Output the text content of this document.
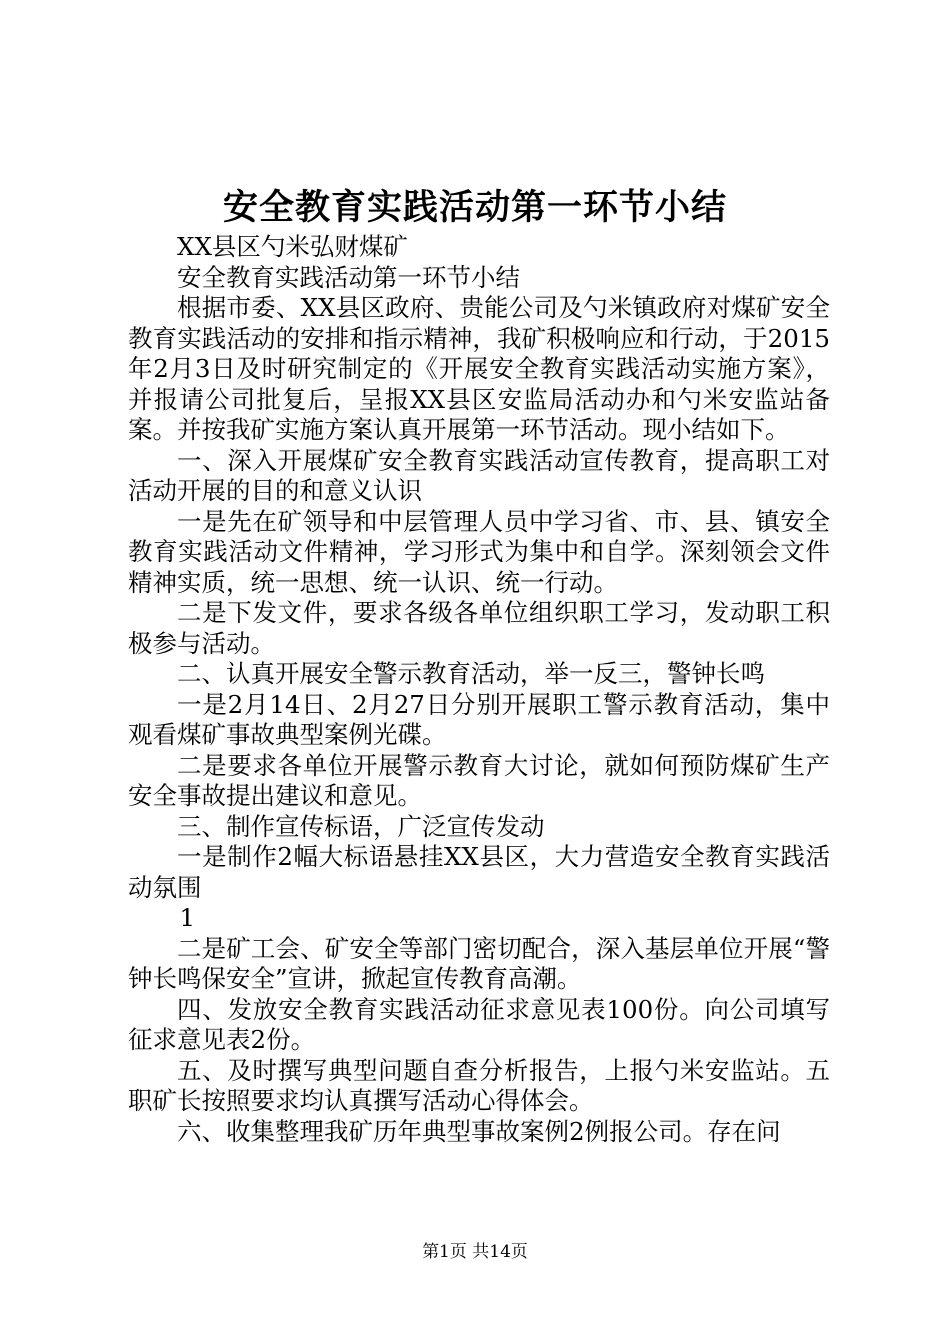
安全教育实践活动第一环节小结

XX县区勺米弘财煤矿

安全教育实践活动第一环节小结

根据市委、XX县区政府、贵能公司及勺米镇政府对煤矿安全教育实践活动的安排和指示精神，我矿积极响应和行动，于2015年2月3日及时研究制定的《开展安全教育实践活动实施方案》，并报请公司批复后，呈报XX县区安监局活动办和勺米安监站备案。并按我矿实施方案认真开展第一环节活动。现小结如下。

一、深入开展煤矿安全教育实践活动宣传教育，提高职工对活动开展的目的和意义认识

一是先在矿领导和中层管理人员中学习省、市、县、镇安全教育实践活动文件精神，学习形式为集中和自学。深刻领会文件精神实质，统一思想、统一认识、统一行动。

二是下发文件，要求各级各单位组织职工学习，发动职工积极参与活动。

二、认真开展安全警示教育活动，举一反三，警钟长鸣

一是2月14日、2月27日分别开展职工警示教育活动，集中观看煤矿事故典型案例光碟。

二是要求各单位开展警示教育大讨论，就如何预防煤矿生产安全事故提出建议和意见。

三、制作宣传标语，广泛宣传发动

一是制作2幅大标语悬挂XX县区，大力营造安全教育实践活动氛围

1

二是矿工会、矿安全等部门密切配合，深入基层单位开展“警钟长鸣保安全”宣讲，掀起宣传教育高潮。

四、发放安全教育实践活动征求意见表100份。向公司填写征求意见表2份。

五、及时撰写典型问题自查分析报告，上报勺米安监站。五职矿长按照要求均认真撰写活动心得体会。

六、收集整理我矿历年典型事故案例2例报公司。存在问

第1页 共14页
